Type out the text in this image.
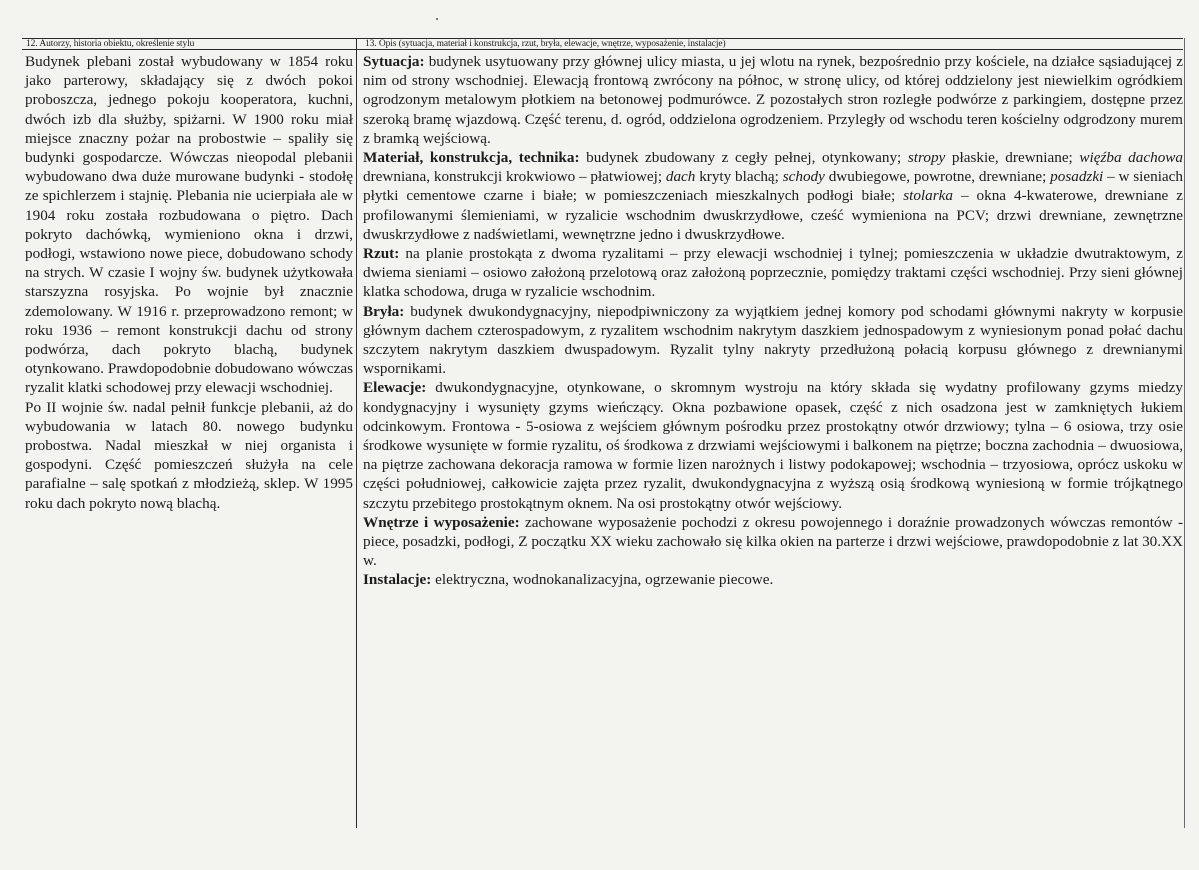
12. Autorzy, historia obiektu, określenie stylu	13. Opis (sytuacja, materiał i konstrukcja, rzut, bryła, elewacje, wnętrze, wyposażenie, instalacje)

Budynek plebani został wybudowany w 1854 roku jako parterowy, składający się z dwóch pokoi proboszcza, jednego pokoju kooperatora, kuchni, dwóch izb dla służby, spiżarni. W 1900 roku miał miejsce znaczny pożar na probostwie – spaliły się budynki gospodarcze. Wówczas nieopodal plebanii wybudowano dwa duże murowane budynki - stodołę ze spichlerzem i stajnię. Plebania nie ucierpiała ale w 1904 roku została rozbudowana o piętro. Dach pokryto dachówką, wymieniono okna i drzwi, podłogi, wstawiono nowe piece, dobudowano schody na strych. W czasie I wojny św. budynek użytkowała starszyzna rosyjska. Po wojnie był znacznie zdemolowany. W 1916 r. przeprowadzono remont; w roku 1936 – remont konstrukcji dachu od strony podwórza, dach pokryto blachą, budynek otynkowano. Prawdopodobnie dobudowano wówczas ryzalit klatki schodowej przy elewacji wschodniej.

Po II wojnie św. nadal pełnił funkcje plebanii, aż do wybudowania w latach 80. nowego budynku probostwa. Nadal mieszkał w niej organista i gospodyni. Część pomieszczeń służyła na cele parafialne – salę spotkań z młodzieżą, sklep. W 1995 roku dach pokryto nową blachą.

Sytuacja: budynek usytuowany przy głównej ulicy miasta, u jej wlotu na rynek, bezpośrednio przy kościele, na działce sąsiadującej z nim od strony wschodniej. Elewacją frontową zwrócony na północ, w stronę ulicy, od której oddzielony jest niewielkim ogródkiem ogrodzonym metalowym płotkiem na betonowej podmurówce. Z pozostałych stron rozległe podwórze z parkingiem, dostępne przez szeroką bramę wjazdową. Część terenu, d. ogród, oddzielona ogrodzeniem. Przyległy od wschodu teren kościelny odgrodzony murem z bramką wejściową.

Materiał, konstrukcja, technika: budynek zbudowany z cegły pełnej, otynkowany; stropy płaskie, drewniane; więźba dachowa drewniana, konstrukcji krokwiowo – płatwiowej; dach kryty blachą; schody dwubiegowe, powrotne, drewniane; posadzki – w sieniach płytki cementowe czarne i białe; w pomieszczeniach mieszkalnych podłogi białe; stolarka – okna 4-kwaterowe, drewniane z profilowanymi ślemieniami, w ryzalicie wschodnim dwuskrzydłowe, cześć wymieniona na PCV; drzwi drewniane, zewnętrzne dwuskrzydłowe z nadświetlami, wewnętrzne jedno i dwuskrzydłowe.

Rzut: na planie prostokąta z dwoma ryzalitami – przy elewacji wschodniej i tylnej; pomieszczenia w układzie dwutraktowym, z dwiema sieniami – osiowo założoną przelotową oraz założoną poprzecznie, pomiędzy traktami części wschodniej. Przy sieni głównej klatka schodowa, druga w ryzalicie wschodnim.

Bryła: budynek dwukondygnacyjny, niepodpiwniczony za wyjątkiem jednej komory pod schodami głównymi nakryty w korpusie głównym dachem czterospadowym, z ryzalitem wschodnim nakrytym daszkiem jednospadowym z wyniesionym ponad połać dachu szczytem nakrytym daszkiem dwuspadowym. Ryzalit tylny nakryty przedłużoną połacią korpusu głównego z drewnianymi wspornikami.

Elewacje: dwukondygnacyjne, otynkowane, o skromnym wystroju na który składa się wydatny profilowany gzyms miedzy kondygnacyjny i wysunięty gzyms wieńczący. Okna pozbawione opasek, część z nich osadzona jest w zamkniętych łukiem odcinkowym. Frontowa - 5-osiowa z wejściem głównym pośrodku przez prostokątny otwór drzwiowy; tylna – 6 osiowa, trzy osie środkowe wysunięte w formie ryzalitu, oś środkowa z drzwiami wejściowymi i balkonem na piętrze; boczna zachodnia – dwuosiowa, na piętrze zachowana dekoracja ramowa w formie lizen narożnych i listwy podokapowej; wschodnia – trzyosiowa, oprócz uskoku w części południowej, całkowicie zajęta przez ryzalit, dwukondygnacyjna z wyższą osią środkową wyniesioną w formie trójkątnego szczytu przebitego prostokątnym oknem. Na osi prostokątny otwór wejściowy.

Wnętrze i wyposażenie: zachowane wyposażenie pochodzi z okresu powojennego i doraźnie prowadzonych wówczas remontów - piece, posadzki, podłogi, Z początku XX wieku zachowało się kilka okien na parterze i drzwi wejściowe, prawdopodobnie z lat 30.XX w.

Instalacje: elektryczna, wodnokanalizacyjna, ogrzewanie piecowe.
